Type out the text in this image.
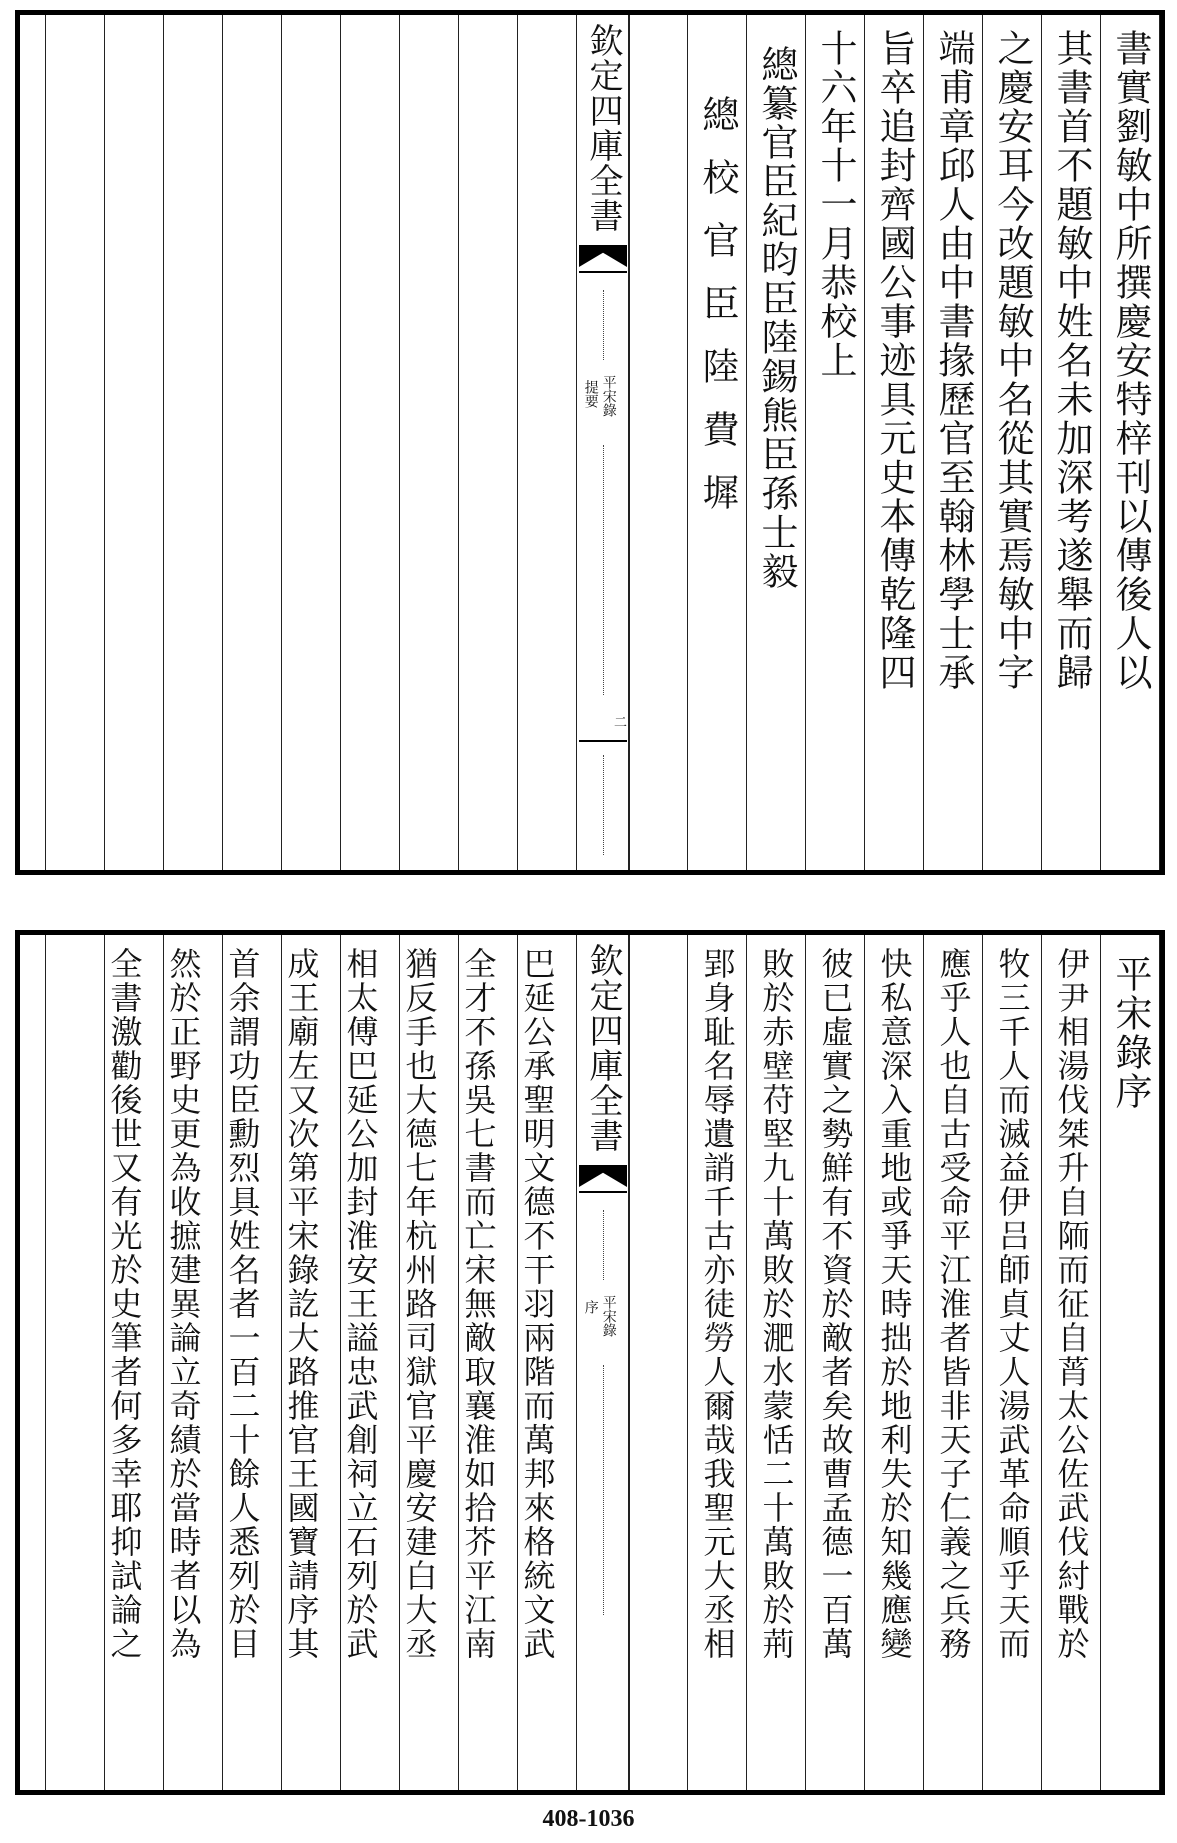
書實劉敏中所撰慶安特梓刊以傳後人以
其書首不題敏中姓名未加深考遂舉而歸
之慶安耳今改題敏中名從其實焉敏中字
端甫章邱人由中書掾歷官至翰林學士承
旨卒追封齊國公事迹具元史本傳乾隆四
十六年十一月恭校上
總纂官臣紀昀臣陸錫熊臣孫士毅
總校官臣陸費墀
欽定四庫全書
平宋錄
提要
二
平宋錄序
伊尹相湯伐桀升自陑而征自莦太公佐武伐紂戰於
牧三千人而滅益伊吕師貞丈人湯武革命順乎天而
應乎人也自古受命平江淮者皆非天子仁義之兵務
快私意深入重地或爭天時拙於地利失於知幾應變
彼已虛實之勢鮮有不資於敵者矣故曹孟德一百萬
敗於赤壁苻堅九十萬敗於淝水蒙恬二十萬敗於荊
郢身耻名辱遺誚千古亦徒勞人爾哉我聖元大丞相
欽定四庫全書
平宋錄
序
巴延公承聖明文德不干羽兩階而萬邦來格統文武
全才不孫吳七書而亡宋無敵取襄淮如拾芥平江南
猶反手也大德七年杭州路司獄官平慶安建白大丞
相太傅巴延公加封淮安王謚忠武創祠立石列於武
成王廟左又次第平宋錄訖大路推官王國寶請序其
首余謂功臣勳烈具姓名者一百二十餘人悉列於目
然於正野史更為收摭建異論立奇績於當時者以為
全書激勸後世又有光於史筆者何多幸耶抑試論之
408-1036
